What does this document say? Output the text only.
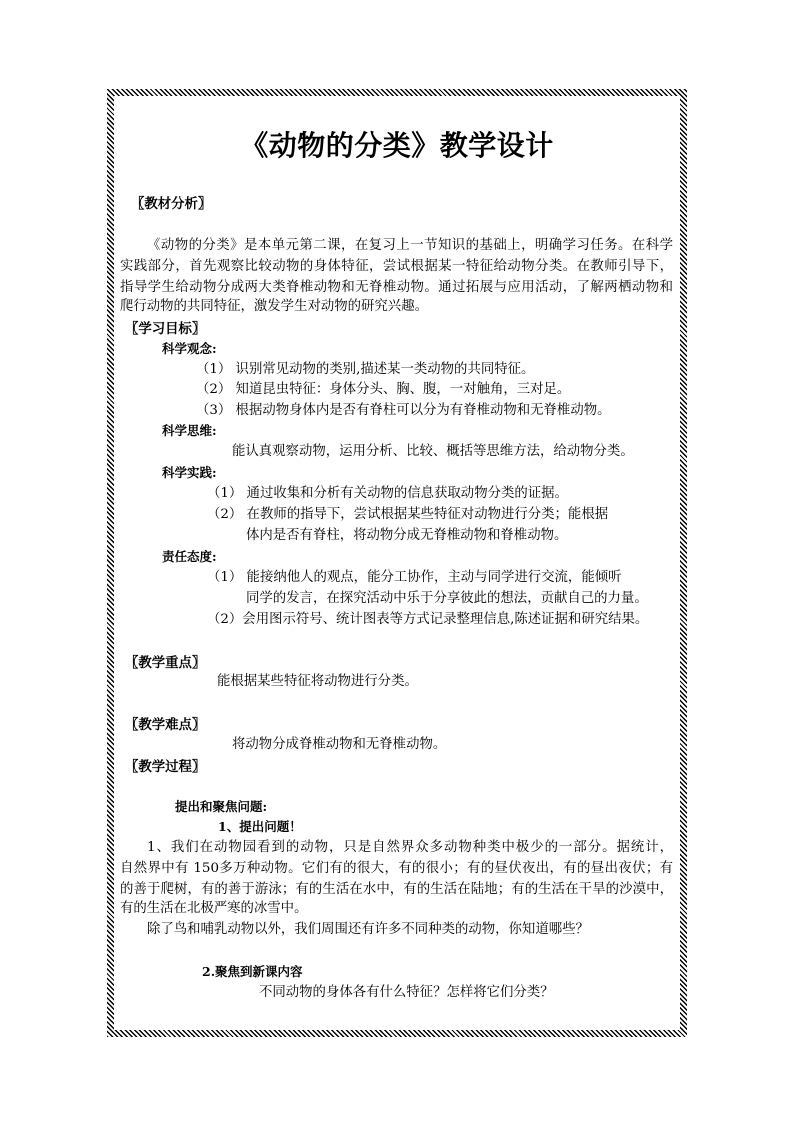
《动物的分类》教学设计
〖教材分析〗
《动物的分类》是本单元第二课，在复习上一节知识的基础上，明确学习任务。在科学
实践部分，首先观察比较动物的身体特征，尝试根据某一特征给动物分类。在教师引导下，
指导学生给动物分成两大类脊椎动物和无脊椎动物。通过拓展与应用活动，了解两栖动物和
爬行动物的共同特征，激发学生对动物的研究兴趣。
〖学习目标〗
科学观念:
（1） 识别常见动物的类别,描述某一类动物的共同特征。
（2） 知道昆虫特征：身体分头、胸、腹，一对触角，三对足。
（3） 根据动物身体内是否有脊柱可以分为有脊椎动物和无脊椎动物。
科学思维:
能认真观察动物，运用分析、比较、概括等思维方法，给动物分类。
科学实践:
（1） 通过收集和分析有关动物的信息获取动物分类的证据。
（2） 在教师的指导下，尝试根据某些特征对动物进行分类；能根据
体内是否有脊柱，将动物分成无脊椎动物和脊椎动物。
责任态度:
（1） 能接纳他人的观点，能分工协作，主动与同学进行交流，能倾听
同学的发言，在探究活动中乐于分享彼此的想法，贡献自己的力量。
（2）会用图示符号、统计图表等方式记录整理信息,陈述证据和研究结果。
〖教学重点〗
能根据某些特征将动物进行分类。
〖教学难点〗
将动物分成脊椎动物和无脊椎动物。
〖教学过程〗
提出和聚焦问题:
1、提出问题！
1、我们在动物园看到的动物，只是自然界众多动物种类中极少的一部分。据统计，
自然界中有 150多万种动物。它们有的很大，有的很小；有的昼伏夜出，有的昼出夜伏；有
的善于爬树，有的善于游泳；有的生活在水中，有的生活在陆地；有的生活在干旱的沙漠中，
有的生活在北极严寒的冰雪中。
除了鸟和哺乳动物以外，我们周围还有许多不同种类的动物，你知道哪些？
2.聚焦到新课内容
不同动物的身体各有什么特征？怎样将它们分类？
